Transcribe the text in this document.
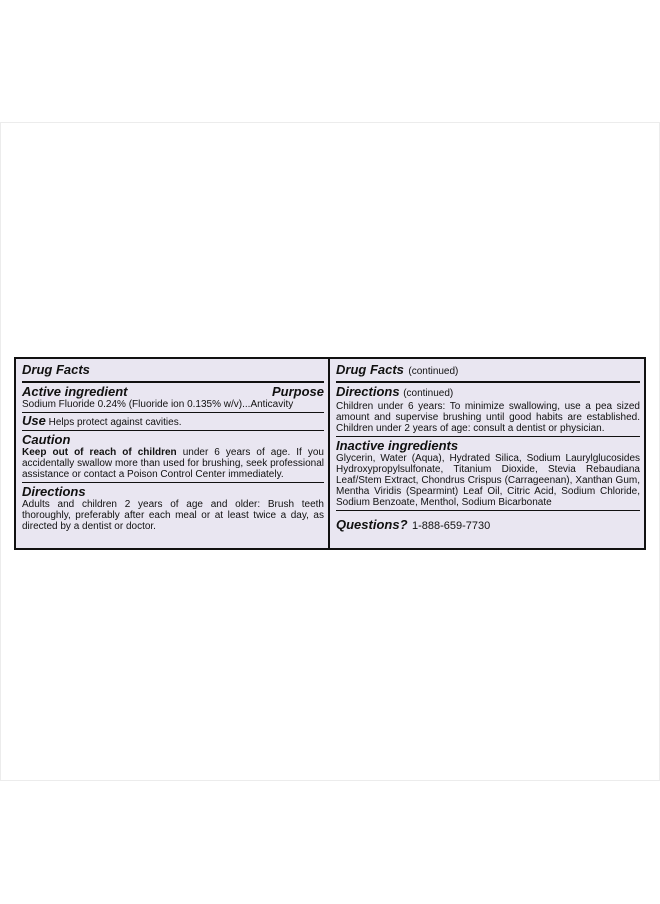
Drug Facts
Active ingredient	Purpose
Sodium Fluoride 0.24% (Fluoride ion 0.135% w/v)...Anticavity
Use Helps protect against cavities.
Caution
Keep out of reach of children under 6 years of age. If you accidentally swallow more than used for brushing, seek professional assistance or contact a Poison Control Center immediately.
Directions
Adults and children 2 years of age and older: Brush teeth thoroughly, preferably after each meal or at least twice a day, as directed by a dentist or doctor.
Drug Facts (continued)
Directions (continued)
Children under 6 years: To minimize swallowing, use a pea sized amount and supervise brushing until good habits are established. Children under 2 years of age: consult a dentist or physician.
Inactive ingredients
Glycerin, Water (Aqua), Hydrated Silica, Sodium Laurylglucosides Hydroxypropylsulfonate, Titanium Dioxide, Stevia Rebaudiana Leaf/Stem Extract, Chondrus Crispus (Carrageenan), Xanthan Gum, Mentha Viridis (Spearmint) Leaf Oil, Citric Acid, Sodium Chloride, Sodium Benzoate, Menthol, Sodium Bicarbonate
Questions? 1-888-659-7730
